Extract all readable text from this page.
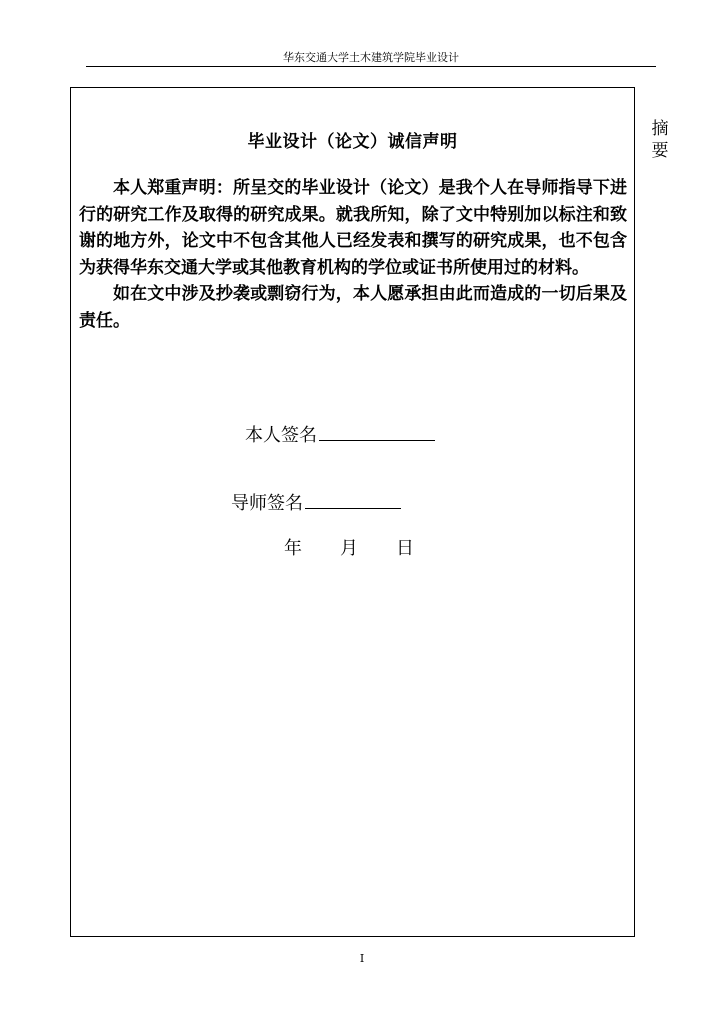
华东交通大学土木建筑学院毕业设计
摘
要
毕业设计（论文）诚信声明

本人郑重声明：所呈交的毕业设计（论文）是我个人在导师指导下进行的研究工作及取得的研究成果。就我所知，除了文中特别加以标注和致谢的地方外，论文中不包含其他人已经发表和撰写的研究成果，也不包含为获得华东交通大学或其他教育机构的学位或证书所使用过的材料。

如在文中涉及抄袭或剽窃行为，本人愿承担由此而造成的一切后果及责任。

本人签名
导师签名
年 月 日
I
